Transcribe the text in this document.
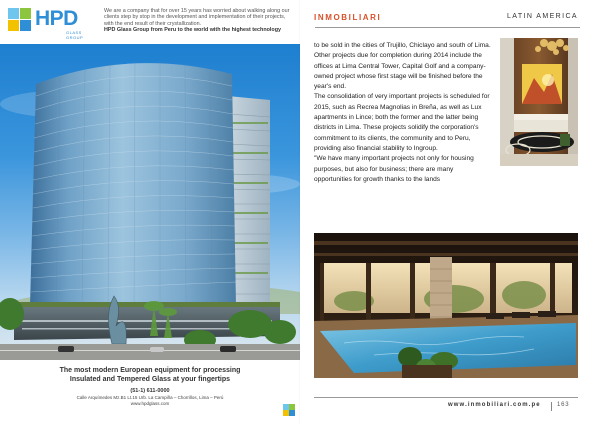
HPD
GLASS GROUP
We are a company that for over 15 years has worried about walking along our clients step by stop in the development and implementation of their projects, with the end result of their crystallization.
HPD Glass Group from Peru to the world with the highest technology
The most modern European equipment for processing
Insulated and Tempered Glass at your fingertips
(51-1) 611-0000
Calle Arquímedes Mz.B1 Lt.15 Urb. La Campiña – Chorrillos, Lima – Perú
www.hpdglass.com
INMOBILIARI	LATIN AMERICA

to be sold in the cities of Trujillo, Chiclayo and south of Lima. Other projects due for completion during 2014 include the offices at Lima Central Tower, Capital Golf and a company-owned project whose first stage will be finished before the year's end.

The consolidation of very important projects is scheduled for 2015, such as Recrea Magnolias in Breña, as well as Lux apartments in Lince; both the former and the latter being districts in Lima. These projects solidify the corporation's commitment to its clients, the community and to Peru, providing also financial stability to Ingroup.

"We have many important projects not only for housing purposes, but also for business; there are many opportunities for growth thanks to the lands

www.inmobiliari.com.pe	163
